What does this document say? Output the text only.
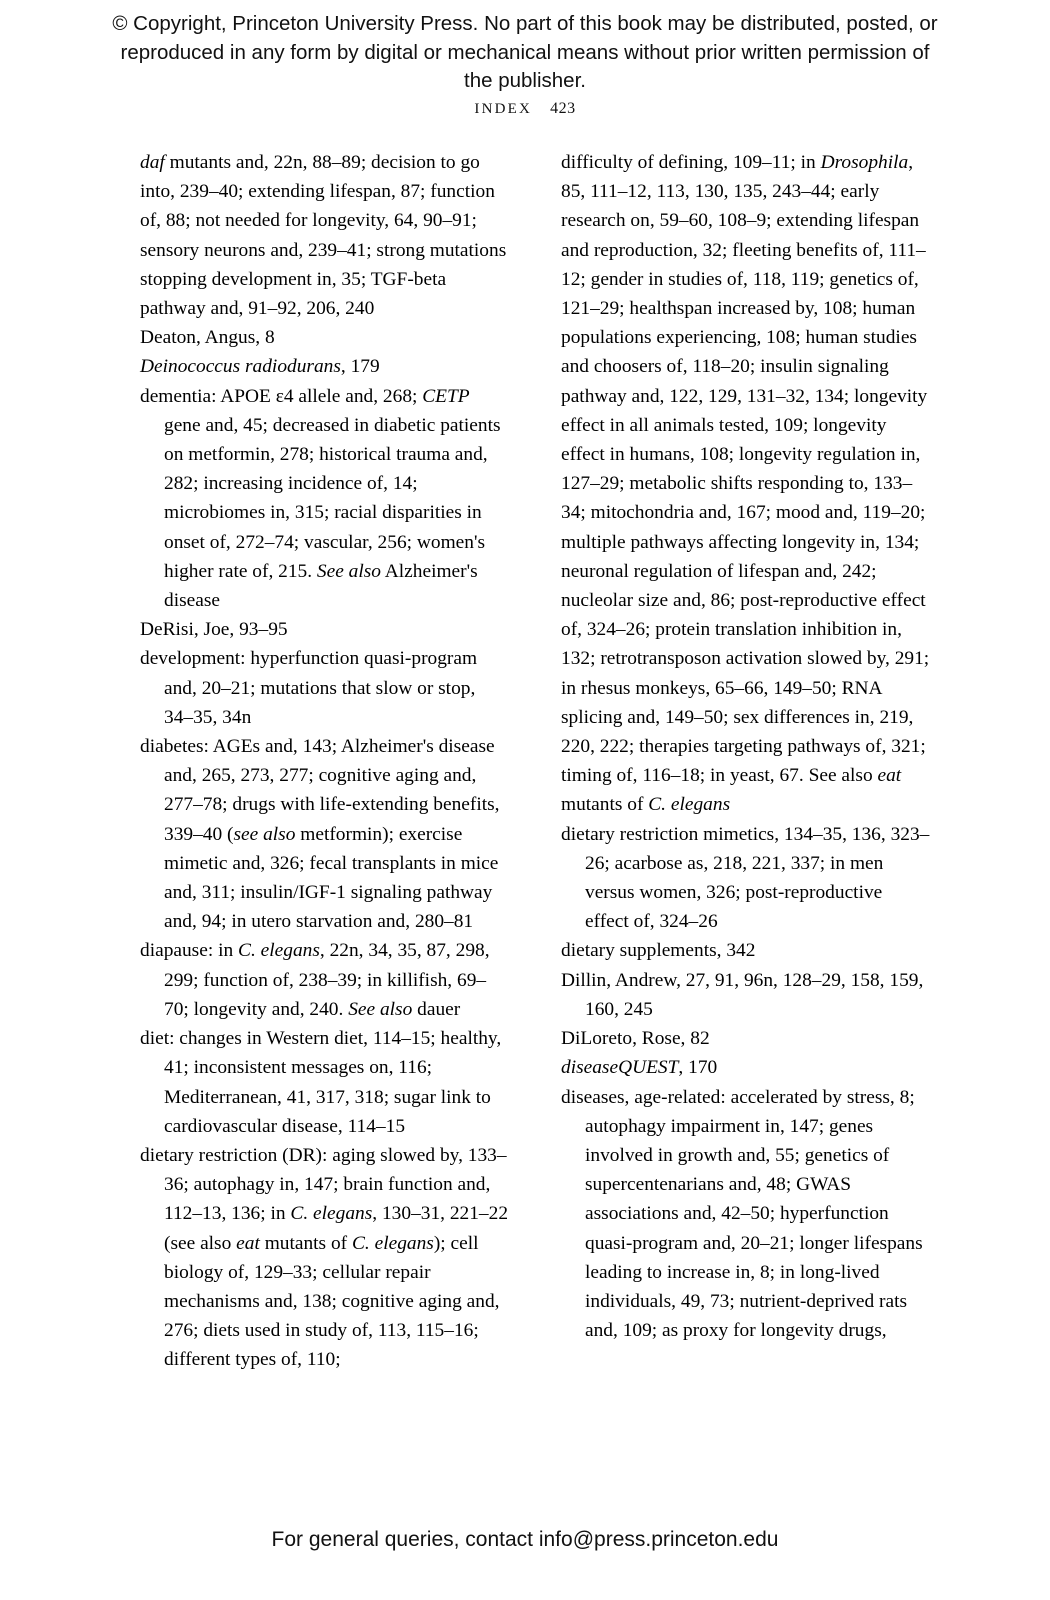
© Copyright, Princeton University Press. No part of this book may be distributed, posted, or reproduced in any form by digital or mechanical means without prior written permission of the publisher.
INDEX 423

daf mutants and, 22n, 88–89; decision to go into, 239–40; extending lifespan, 87; function of, 88; not needed for longevity, 64, 90–91; sensory neurons and, 239–41; strong mutations stopping development in, 35; TGF-beta pathway and, 91–92, 206, 240

Deaton, Angus, 8

Deinococcus radiodurans, 179

dementia: APOE ε4 allele and, 268; CETP gene and, 45; decreased in diabetic patients on metformin, 278; historical trauma and, 282; increasing incidence of, 14; microbiomes in, 315; racial disparities in onset of, 272–74; vascular, 256; women's higher rate of, 215. See also Alzheimer's disease

DeRisi, Joe, 93–95

development: hyperfunction quasi-program and, 20–21; mutations that slow or stop, 34–35, 34n

diabetes: AGEs and, 143; Alzheimer's disease and, 265, 273, 277; cognitive aging and, 277–78; drugs with life-extending benefits, 339–40 (see also metformin); exercise mimetic and, 326; fecal transplants in mice and, 311; insulin/IGF-1 signaling pathway and, 94; in utero starvation and, 280–81

diapause: in C. elegans, 22n, 34, 35, 87, 298, 299; function of, 238–39; in killifish, 69–70; longevity and, 240. See also dauer

diet: changes in Western diet, 114–15; healthy, 41; inconsistent messages on, 116; Mediterranean, 41, 317, 318; sugar link to cardiovascular disease, 114–15

dietary restriction (DR): aging slowed by, 133–36; autophagy in, 147; brain function and, 112–13, 136; in C. elegans, 130–31, 221–22 (see also eat mutants of C. elegans); cell biology of, 129–33; cellular repair mechanisms and, 138; cognitive aging and, 276; diets used in study of, 113, 115–16; different types of, 110;

difficulty of defining, 109–11; in Drosophila, 85, 111–12, 113, 130, 135, 243–44; early research on, 59–60, 108–9; extending lifespan and reproduction, 32; fleeting benefits of, 111–12; gender in studies of, 118, 119; genetics of, 121–29; healthspan increased by, 108; human populations experiencing, 108; human studies and choosers of, 118–20; insulin signaling pathway and, 122, 129, 131–32, 134; longevity effect in all animals tested, 109; longevity effect in humans, 108; longevity regulation in, 127–29; metabolic shifts responding to, 133–34; mitochondria and, 167; mood and, 119–20; multiple pathways affecting longevity in, 134; neuronal regulation of lifespan and, 242; nucleolar size and, 86; post-reproductive effect of, 324–26; protein translation inhibition in, 132; retrotransposon activation slowed by, 291; in rhesus monkeys, 65–66, 149–50; RNA splicing and, 149–50; sex differences in, 219, 220, 222; therapies targeting pathways of, 321; timing of, 116–18; in yeast, 67. See also eat mutants of C. elegans

dietary restriction mimetics, 134–35, 136, 323–26; acarbose as, 218, 221, 337; in men versus women, 326; post-reproductive effect of, 324–26

dietary supplements, 342

Dillin, Andrew, 27, 91, 96n, 128–29, 158, 159, 160, 245

DiLoreto, Rose, 82

diseaseQUEST, 170

diseases, age-related: accelerated by stress, 8; autophagy impairment in, 147; genes involved in growth and, 55; genetics of supercentenarians and, 48; GWAS associations and, 42–50; hyperfunction quasi-program and, 20–21; longer lifespans leading to increase in, 8; in long-lived individuals, 49, 73; nutrient-deprived rats and, 109; as proxy for longevity drugs,

For general queries, contact info@press.princeton.edu
